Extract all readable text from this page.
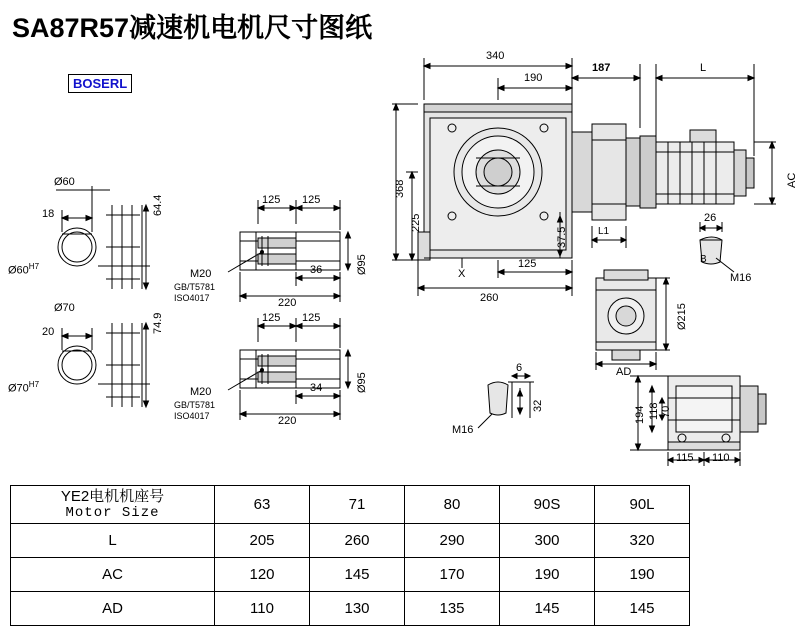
SA87R57减速机电机尺寸图纸
BOSERL
Ø60
18	64.4
$Ø60^{H7}$
Ø70
20	74.9
$Ø70^{H7}$
125 125
36
220
Ø95
M20
GB/T5781
ISO4017
125 125
34
220
Ø95
M20
GB/T5781
ISO4017
340
190
187	L
368
225
260
125
37.5
X
AC
L1
26
B
M16
6
32
M16
Ø215
AD
194 118 70
115 110
YE2电机机座号
Motor Size	63	71	80	90S	90L
L	205	260	290	300	320
AC	120	145	170	190	190
AD	110	130	135	145	145
